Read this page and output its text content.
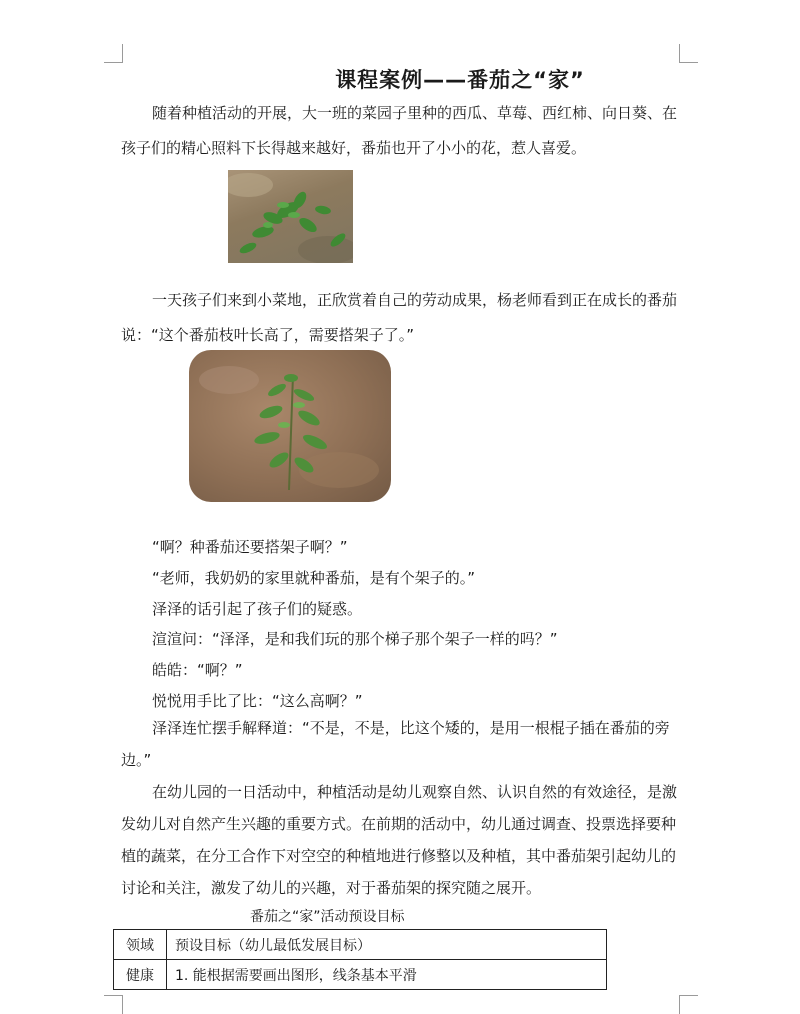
课程案例——番茄之“家”

随着种植活动的开展，大一班的菜园子里种的西瓜、草莓、西红柿、向日葵、在孩子们的精心照料下长得越来越好，番茄也开了小小的花，惹人喜爱。

一天孩子们来到小菜地，正欣赏着自己的劳动成果，杨老师看到正在成长的番茄说：“这个番茄枝叶长高了，需要搭架子了。”

“啊？种番茄还要搭架子啊？”

“老师，我奶奶的家里就种番茄，是有个架子的。”

泽泽的话引起了孩子们的疑惑。

渲渲问：“泽泽，是和我们玩的那个梯子那个架子一样的吗？”

皓皓：“啊？”

悦悦用手比了比：“这么高啊？”

泽泽连忙摆手解释道：“不是，不是，比这个矮的，是用一根棍子插在番茄的旁边。”

在幼儿园的一日活动中，种植活动是幼儿观察自然、认识自然的有效途径，是激发幼儿对自然产生兴趣的重要方式。在前期的活动中，幼儿通过调查、投票选择要种植的蔬菜，在分工合作下对空空的种植地进行修整以及种植，其中番茄架引起幼儿的讨论和关注，激发了幼儿的兴趣，对于番茄架的探究随之展开。

番茄之“家”活动预设目标
领域	预设目标（幼儿最低发展目标）
健康	1. 能根据需要画出图形，线条基本平滑
